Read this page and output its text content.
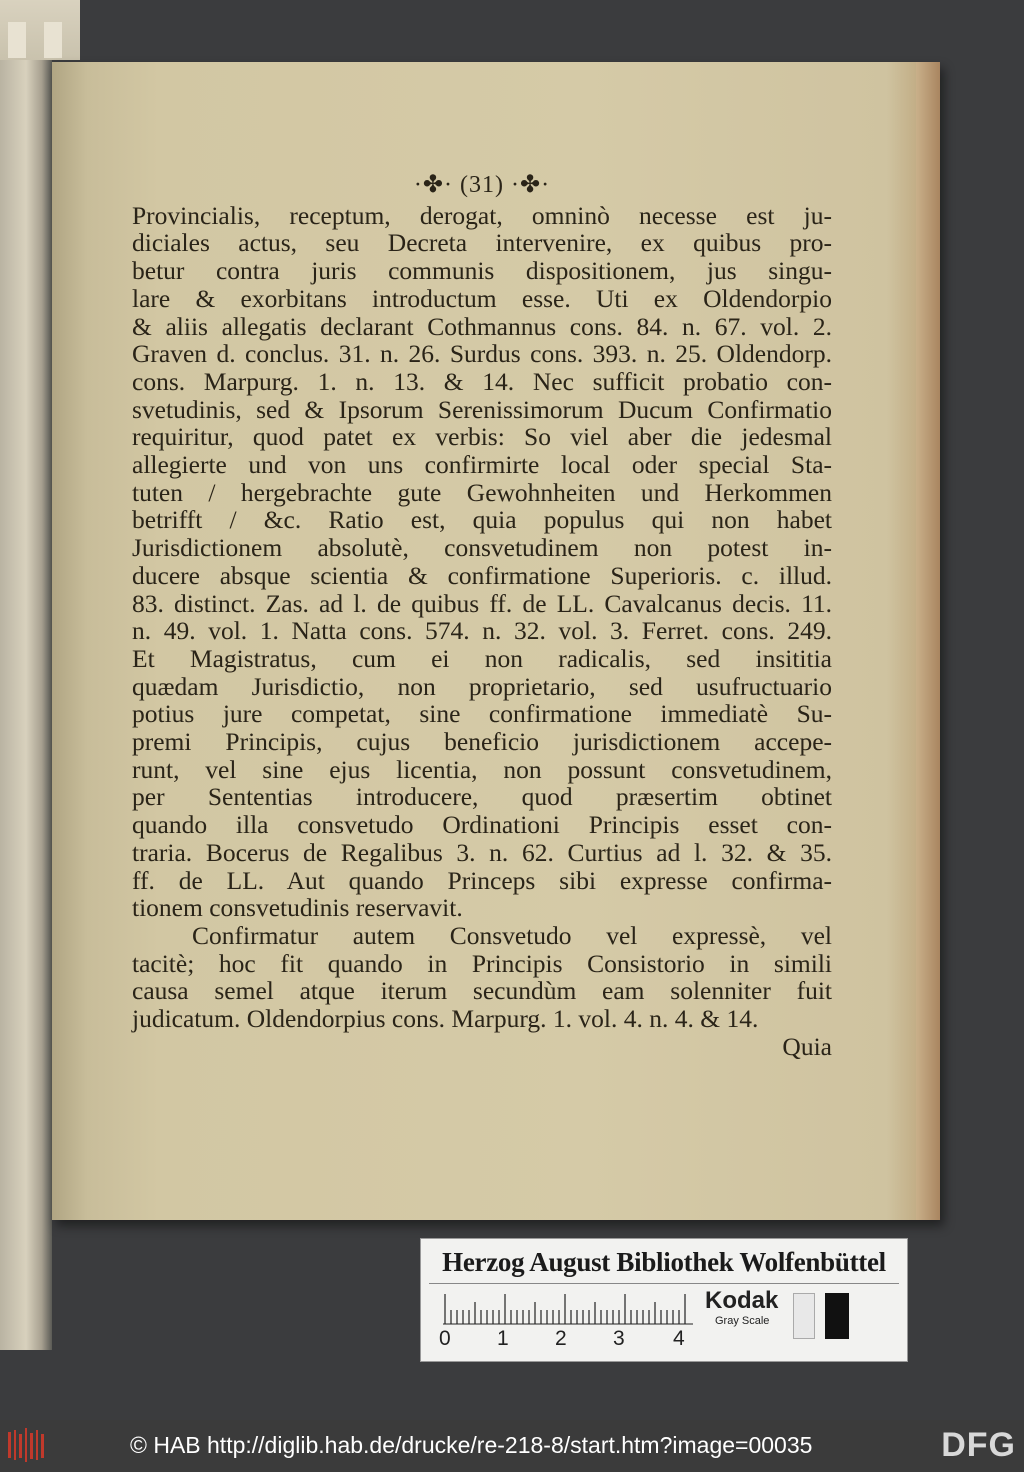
·✤· (31) ·✤·
Provincialis, receptum, derogat, omninò necesse est ju-
diciales actus, seu Decreta intervenire, ex quibus pro-
betur contra juris communis dispositionem, jus singu-
lare & exorbitans introductum esse. Uti ex Oldendorpio
& aliis allegatis declarant Cothmannus cons. 84. n. 67. vol. 2.
Graven d. conclus. 31. n. 26. Surdus cons. 393. n. 25. Oldendorp.
cons. Marpurg. 1. n. 13. & 14. Nec sufficit probatio con-
svetudinis, sed & Ipsorum Serenissimorum Ducum Confirmatio
requiritur, quod patet ex verbis: So viel aber die jedesmal
allegierte und von uns confirmirte local oder special Sta-
tuten / hergebrachte gute Gewohnheiten und Herkommen
betrifft / &c. Ratio est, quia populus qui non habet
Jurisdictionem absolutè, consvetudinem non potest in-
ducere absque scientia & confirmatione Superioris. c. illud.
83. distinct. Zas. ad l. de quibus ff. de LL. Cavalcanus decis. 11.
n. 49. vol. 1. Natta cons. 574. n. 32. vol. 3. Ferret. cons. 249.
Et Magistratus, cum ei non radicalis, sed insititia
quædam Jurisdictio, non proprietario, sed usufructuario
potius jure competat, sine confirmatione immediatè Su-
premi Principis, cujus beneficio jurisdictionem accepe-
runt, vel sine ejus licentia, non possunt consvetudinem,
per Sententias introducere, quod præsertim obtinet
quando illa consvetudo Ordinationi Principis esset con-
traria. Bocerus de Regalibus 3. n. 62. Curtius ad l. 32. & 35.
ff. de LL. Aut quando Princeps sibi expresse confirma-
tionem consvetudinis reservavit.
Confirmatur autem Consvetudo vel expressè, vel
tacitè; hoc fit quando in Principis Consistorio in simili
causa semel atque iterum secundùm eam solenniter fuit
judicatum. Oldendorpius cons. Marpurg. 1. vol. 4. n. 4. & 14.
Quia
Herzog August Bibliothek Wolfenbüttel
0 1 2 3 4
Kodak
Gray Scale
© HAB http://diglib.hab.de/drucke/re-218-8/start.htm?image=00035	DFG
